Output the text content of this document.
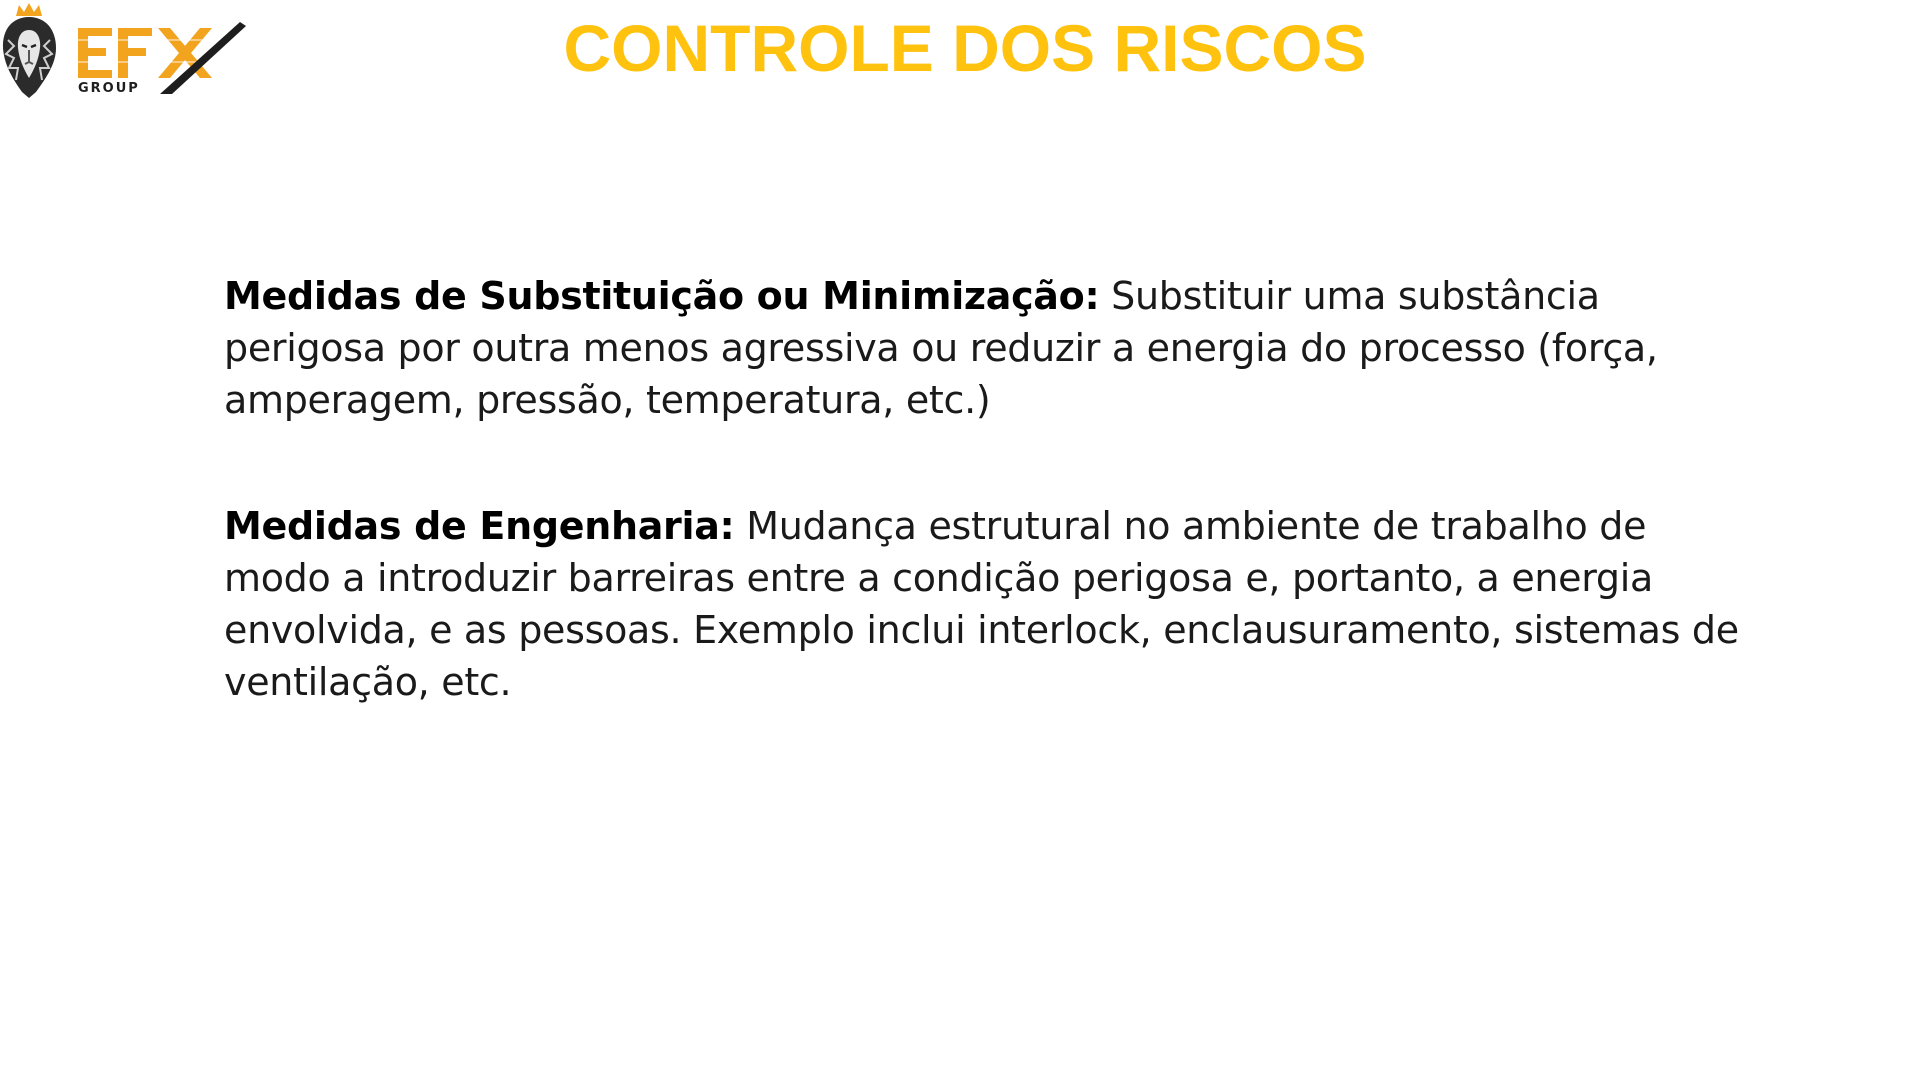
GROUP
CONTROLE DOS RISCOS

Medidas de Substituição ou Minimização: Substituir uma substância perigosa por outra menos agressiva ou reduzir a energia do processo (força, amperagem, pressão, temperatura, etc.)

Medidas de Engenharia: Mudança estrutural no ambiente de trabalho de modo a introduzir barreiras entre a condição perigosa e, portanto, a energia envolvida, e as pessoas. Exemplo inclui interlock, enclausuramento, sistemas de ventilação, etc.
